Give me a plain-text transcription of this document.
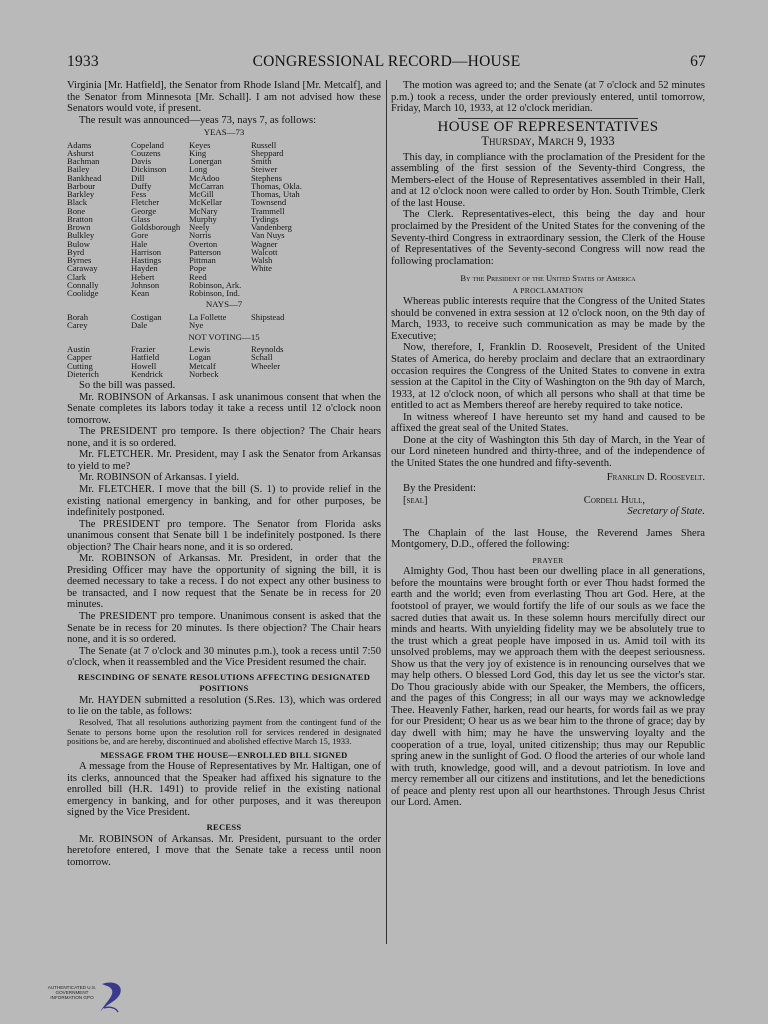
1933	CONGRESSIONAL RECORD—HOUSE	67

Virginia [Mr. Hatfield], the Senator from Rhode Island [Mr. Metcalf], and the Senator from Minnesota [Mr. Schall]. I am not advised how these Senators would vote, if present.

The result was announced—yeas 73, nays 7, as follows:

YEAS—73
Adams	Copeland	Keyes	Russell
Ashurst	Couzens	King	Sheppard
Bachman	Davis	Lonergan	Smith
Bailey	Dickinson	Long	Steiwer
Bankhead	Dill	McAdoo	Stephens
Barbour	Duffy	McCarran	Thomas, Okla.
Barkley	Fess	McGill	Thomas, Utah
Black	Fletcher	McKellar	Townsend
Bone	George	McNary	Trammell
Bratton	Glass	Murphy	Tydings
Brown	Goldsborough	Neely	Vandenberg
Bulkley	Gore	Norris	Van Nuys
Bulow	Hale	Overton	Wagner
Byrd	Harrison	Patterson	Walcott
Byrnes	Hastings	Pittman	Walsh
Caraway	Hayden	Pope	White
Clark	Hebert	Reed
Connally	Johnson	Robinson, Ark.
Coolidge	Kean	Robinson, Ind.
NAYS—7
Borah	Costigan	La Follette	Shipstead
Carey	Dale	Nye
NOT VOTING—15
Austin	Frazier	Lewis	Reynolds
Capper	Hatfield	Logan	Schall
Cutting	Howell	Metcalf	Wheeler
Dieterich	Kendrick	Norbeck

So the bill was passed.

Mr. ROBINSON of Arkansas. I ask unanimous consent that when the Senate completes its labors today it take a recess until 12 o'clock noon tomorrow.

The PRESIDENT pro tempore. Is there objection? The Chair hears none, and it is so ordered.

Mr. FLETCHER. Mr. President, may I ask the Senator from Arkansas to yield to me?

Mr. ROBINSON of Arkansas. I yield.

Mr. FLETCHER. I move that the bill (S. 1) to provide relief in the existing national emergency in banking, and for other purposes, be indefinitely postponed.

The PRESIDENT pro tempore. The Senator from Florida asks unanimous consent that Senate bill 1 be indefinitely postponed. Is there objection? The Chair hears none, and it is so ordered.

Mr. ROBINSON of Arkansas. Mr. President, in order that the Presiding Officer may have the opportunity of signing the bill, it is deemed necessary to take a recess. I do not expect any other business to be transacted, and I now request that the Senate be in recess for 20 minutes.

The PRESIDENT pro tempore. Unanimous consent is asked that the Senate be in recess for 20 minutes. Is there objection? The Chair hears none, and it is so ordered.

The Senate (at 7 o'clock and 30 minutes p.m.), took a recess until 7:50 o'clock, when it reassembled and the Vice President resumed the chair.

RESCINDING OF SENATE RESOLUTIONS AFFECTING DESIGNATED POSITIONS

Mr. HAYDEN submitted a resolution (S.Res. 13), which was ordered to lie on the table, as follows:

Resolved, That all resolutions authorizing payment from the contingent fund of the Senate to persons borne upon the resolution roll for services rendered in designated positions be, and are hereby, discontinued and abolished effective March 15, 1933.

MESSAGE FROM THE HOUSE—ENROLLED BILL SIGNED

A message from the House of Representatives by Mr. Haltigan, one of its clerks, announced that the Speaker had affixed his signature to the enrolled bill (H.R. 1491) to provide relief in the existing national emergency in banking, and for other purposes, and it was thereupon signed by the Vice President.

RECESS

Mr. ROBINSON of Arkansas. Mr. President, pursuant to the order heretofore entered, I move that the Senate take a recess until noon tomorrow.

The motion was agreed to; and the Senate (at 7 o'clock and 52 minutes p.m.) took a recess, under the order previously entered, until tomorrow, Friday, March 10, 1933, at 12 o'clock meridian.

HOUSE OF REPRESENTATIVES
Thursday, March 9, 1933

This day, in compliance with the proclamation of the President for the assembling of the first session of the Seventy-third Congress, the Members-elect of the House of Representatives assembled in their Hall, and at 12 o'clock noon were called to order by Hon. South Trimble, Clerk of the last House.

The Clerk. Representatives-elect, this being the day and hour proclaimed by the President of the United States for the convening of the Seventy-third Congress in extraordinary session, the Clerk of the House of Representatives of the Seventy-second Congress will now read the following proclamation:

By the President of the United States of America
A PROCLAMATION

Whereas public interests require that the Congress of the United States should be convened in extra session at 12 o'clock noon, on the 9th day of March, 1933, to receive such communication as may be made by the Executive;

Now, therefore, I, Franklin D. Roosevelt, President of the United States of America, do hereby proclaim and declare that an extraordinary occasion requires the Congress of the United States to convene in extra session at the Capitol in the City of Washington on the 9th day of March, 1933, at 12 o'clock noon, of which all persons who shall at that time be entitled to act as Members thereof are hereby required to take notice.

In witness whereof I have hereunto set my hand and caused to be affixed the great seal of the United States.

Done at the city of Washington this 5th day of March, in the Year of our Lord nineteen hundred and thirty-three, and of the independence of the United States the one hundred and fifty-seventh.

Franklin D. Roosevelt.
By the President:
[seal]	Cordell Hull,
Secretary of State.

The Chaplain of the last House, the Reverend James Shera Montgomery, D.D., offered the following:

PRAYER

Almighty God, Thou hast been our dwelling place in all generations, before the mountains were brought forth or ever Thou hadst formed the earth and the world; even from everlasting Thou art God. Here, at the footstool of prayer, we would fortify the life of our souls as we face the sacred duties that await us. In these solemn hours mercifully direct our minds and hearts. With unyielding fidelity may we be absolutely true to the trust which a great people have imposed in us. Amid toil with its unsolved problems, may we approach them with the deepest seriousness. Show us that the very joy of existence is in renouncing ourselves that we may help others. O blessed Lord God, this day let us see the victor's star. Do Thou graciously abide with our Speaker, the Members, the officers, and the pages of this Congress; in all our ways may we acknowledge Thee. Heavenly Father, harken, read our hearts, for words fail as we pray for our President; O hear us as we bear him to the throne of grace; day by day dwell with him; may he have the unswerving loyalty and the cooperation of a true, loyal, united citizenship; thus may our Republic spring anew in the sunlight of God. O flood the arteries of our whole land with truth, knowledge, good will, and a devout patriotism. In love and mercy remember all our citizens and institutions, and let the benedictions of peace and plenty rest upon all our hearthstones. Through Jesus Christ our Lord. Amen.

AUTHENTICATED U.S. GOVERNMENT INFORMATION GPO
